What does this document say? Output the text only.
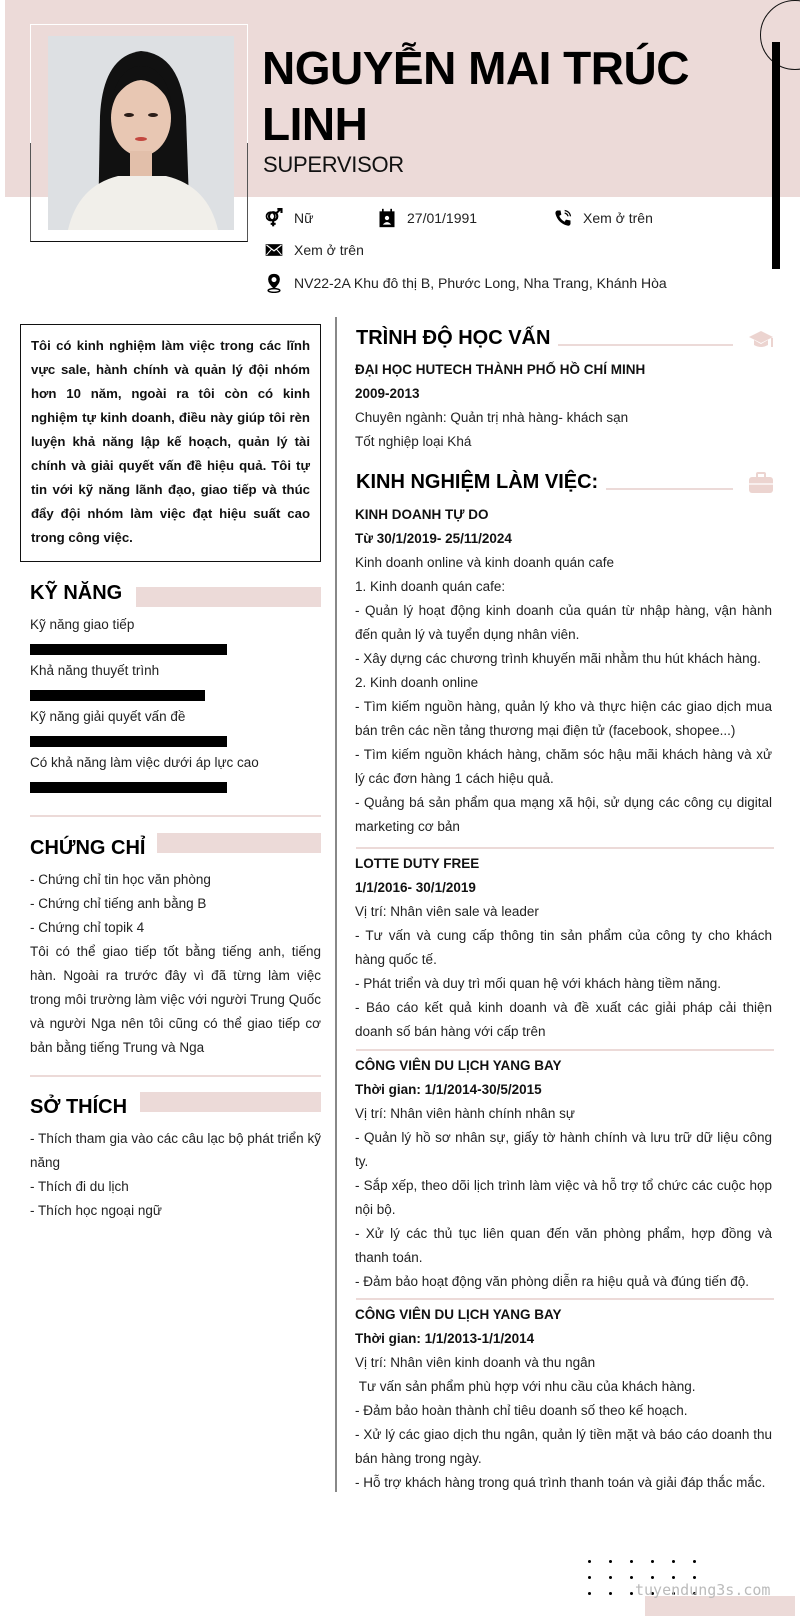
NGUYỄN MAI TRÚC LINH
SUPERVISOR
Nữ	27/01/1991	Xem ở trên
Xem ở trên
NV22-2A Khu đô thị B, Phước Long, Nha Trang, Khánh Hòa
Tôi có kinh nghiệm làm việc trong các lĩnh vực sale, hành chính và quản lý đội nhóm hơn 10 năm, ngoài ra tôi còn có kinh nghiệm tự kinh doanh, điều này giúp tôi rèn luyện khả năng lập kế hoạch, quản lý tài chính và giải quyết vấn đề hiệu quả. Tôi tự tin với kỹ năng lãnh đạo, giao tiếp và thúc đẩy đội nhóm làm việc đạt hiệu suất cao trong công việc.
KỸ NĂNG
Kỹ năng giao tiếp
Khả năng thuyết trình
Kỹ năng giải quyết vấn đề
Có khả năng làm việc dưới áp lực cao
CHỨNG CHỈ
- Chứng chỉ tin học văn phòng
- Chứng chỉ tiếng anh bằng B
- Chứng chỉ topik 4
Tôi có thể giao tiếp tốt bằng tiếng anh, tiếng hàn. Ngoài ra trước đây vì đã từng làm việc trong môi trường làm việc với người Trung Quốc và người Nga nên tôi cũng có thể giao tiếp cơ bản bằng tiếng Trung và Nga
SỞ THÍCH
- Thích tham gia vào các câu lạc bộ phát triển kỹ năng
- Thích đi du lịch
- Thích học ngoại ngữ
TRÌNH ĐỘ HỌC VẤN
ĐẠI HỌC HUTECH THÀNH PHỐ HỒ CHÍ MINH
2009-2013
Chuyên ngành: Quản trị nhà hàng- khách sạn
Tốt nghiệp loại Khá
KINH NGHIỆM LÀM VIỆC:
KINH DOANH TỰ DO
Từ 30/1/2019- 25/11/2024
Kinh doanh online và kinh doanh quán cafe
1. Kinh doanh quán cafe:
- Quản lý hoạt động kinh doanh của quán từ nhập hàng, vận hành đến quản lý và tuyển dụng nhân viên.
- Xây dựng các chương trình khuyến mãi nhằm thu hút khách hàng.
2. Kinh doanh online
- Tìm kiếm nguồn hàng, quản lý kho và thực hiện các giao dịch mua bán trên các nền tảng thương mại điện tử (facebook, shopee...)
- Tìm kiếm nguồn khách hàng, chăm sóc hậu mãi khách hàng và xử lý các đơn hàng 1 cách hiệu quả.
- Quảng bá sản phẩm qua mạng xã hội, sử dụng các công cụ digital marketing cơ bản
LOTTE DUTY FREE
1/1/2016- 30/1/2019
Vị trí: Nhân viên sale và leader
- Tư vấn và cung cấp thông tin sản phẩm của công ty cho khách hàng quốc tế.
- Phát triển và duy trì mối quan hệ với khách hàng tiềm năng.
- Báo cáo kết quả kinh doanh và đề xuất các giải pháp cải thiện doanh số bán hàng với cấp trên
CÔNG VIÊN DU LỊCH YANG BAY
Thời gian: 1/1/2014-30/5/2015
Vị trí: Nhân viên hành chính nhân sự
- Quản lý hồ sơ nhân sự, giấy tờ hành chính và lưu trữ dữ liệu công ty.
- Sắp xếp, theo dõi lịch trình làm việc và hỗ trợ tổ chức các cuộc họp nội bộ.
- Xử lý các thủ tục liên quan đến văn phòng phẩm, hợp đồng và thanh toán.
- Đảm bảo hoạt động văn phòng diễn ra hiệu quả và đúng tiến độ.
CÔNG VIÊN DU LỊCH YANG BAY
Thời gian: 1/1/2013-1/1/2014
Vị trí: Nhân viên kinh doanh và thu ngân
Tư vấn sản phẩm phù hợp với nhu cầu của khách hàng.
- Đảm bảo hoàn thành chỉ tiêu doanh số theo kế hoạch.
- Xử lý các giao dịch thu ngân, quản lý tiền mặt và báo cáo doanh thu bán hàng trong ngày.
- Hỗ trợ khách hàng trong quá trình thanh toán và giải đáp thắc mắc.
tuyendung3s.com
